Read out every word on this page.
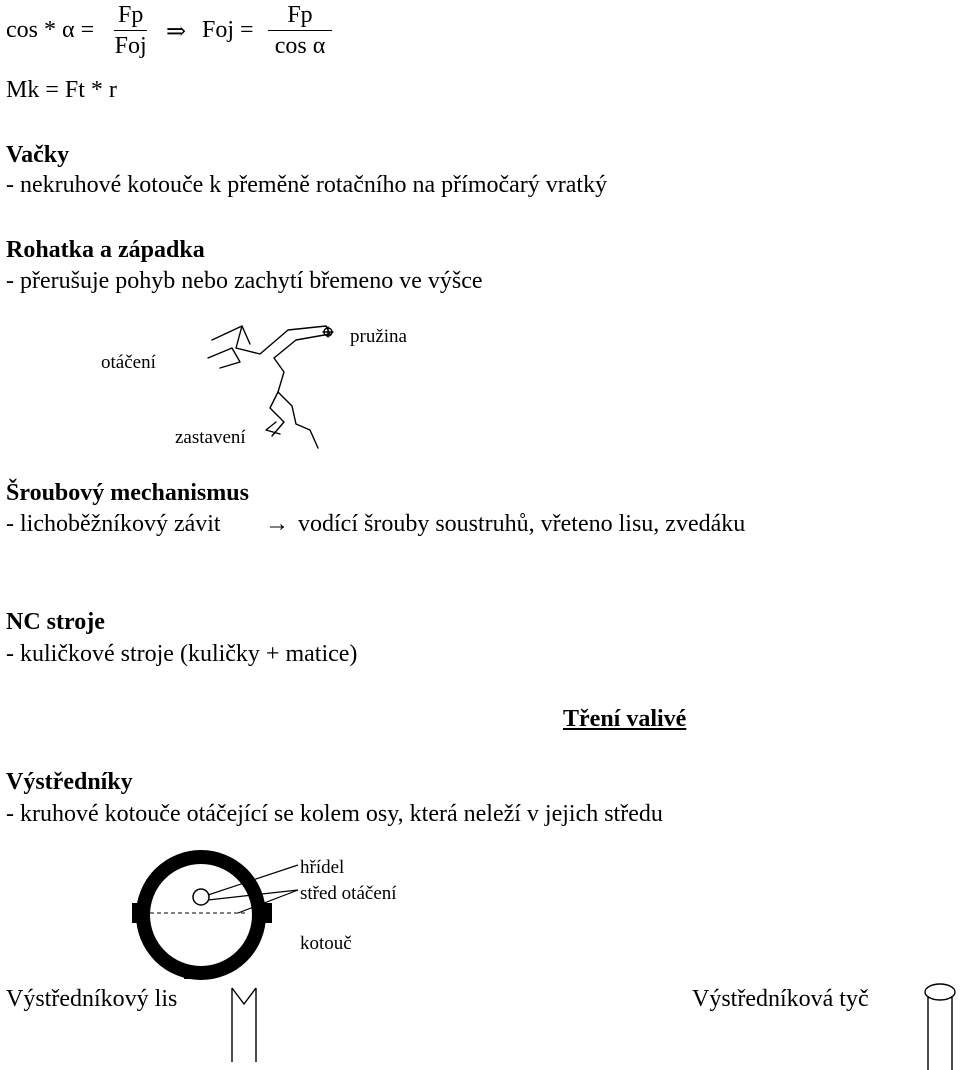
cos * α =
Fp
Foj
⇒ Foj = $\frac{Fp}{\text{cos α}}$
Mk = Ft * r
Vačky
- nekruhové kotouče k přeměně rotačního na přímočarý vratký
Rohatka a západka
- přerušuje pohyb nebo zachytí břemeno ve výšce
otáčení
pružina
zastavení
Šroubový mechanismus
- lichoběžníkový závit → vodící šrouby soustruhů, vřeteno lisu, zvedáku
NC stroje
- kuličkové stroje (kuličky + matice)
Tření valivé
Výstředníky
- kruhové kotouče otáčející se kolem osy, která neleží v jejich středu
hřídel
střed otáčení
kotouč
Výstředníkový lis	Výstředníková tyč
